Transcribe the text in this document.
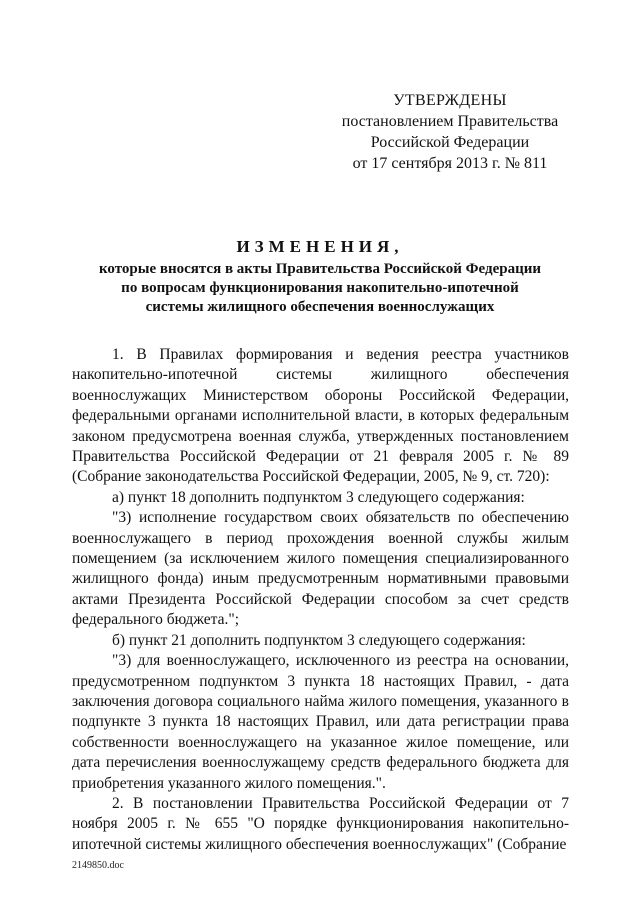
УТВЕРЖДЕНЫ
постановлением Правительства
Российской Федерации
от 17 сентября 2013 г. № 811
ИЗМЕНЕНИЯ,
которые вносятся в акты Правительства Российской Федерации
по вопросам функционирования накопительно-ипотечной
системы жилищного обеспечения военнослужащих

1. В Правилах формирования и ведения реестра участников накопительно-ипотечной системы жилищного обеспечения военнослужащих Министерством обороны Российской Федерации, федеральными органами исполнительной власти, в которых федеральным законом предусмотрена военная служба, утвержденных постановлением Правительства Российской Федерации от 21 февраля 2005 г. № 89 (Собрание законодательства Российской Федерации, 2005, № 9, ст. 720):

а) пункт 18 дополнить подпунктом 3 следующего содержания:

"3) исполнение государством своих обязательств по обеспечению военнослужащего в период прохождения военной службы жилым помещением (за исключением жилого помещения специализированного жилищного фонда) иным предусмотренным нормативными правовыми актами Президента Российской Федерации способом за счет средств федерального бюджета.";

б) пункт 21 дополнить подпунктом 3 следующего содержания:

"3) для военнослужащего, исключенного из реестра на основании, предусмотренном подпунктом 3 пункта 18 настоящих Правил, - дата заключения договора социального найма жилого помещения, указанного в подпункте 3 пункта 18 настоящих Правил, или дата регистрации права собственности военнослужащего на указанное жилое помещение, или дата перечисления военнослужащему средств федерального бюджета для приобретения указанного жилого помещения.".

2. В постановлении Правительства Российской Федерации от 7 ноября 2005 г. № 655 "О порядке функционирования накопительно-ипотечной системы жилищного обеспечения военнослужащих" (Собрание

2149850.doc
